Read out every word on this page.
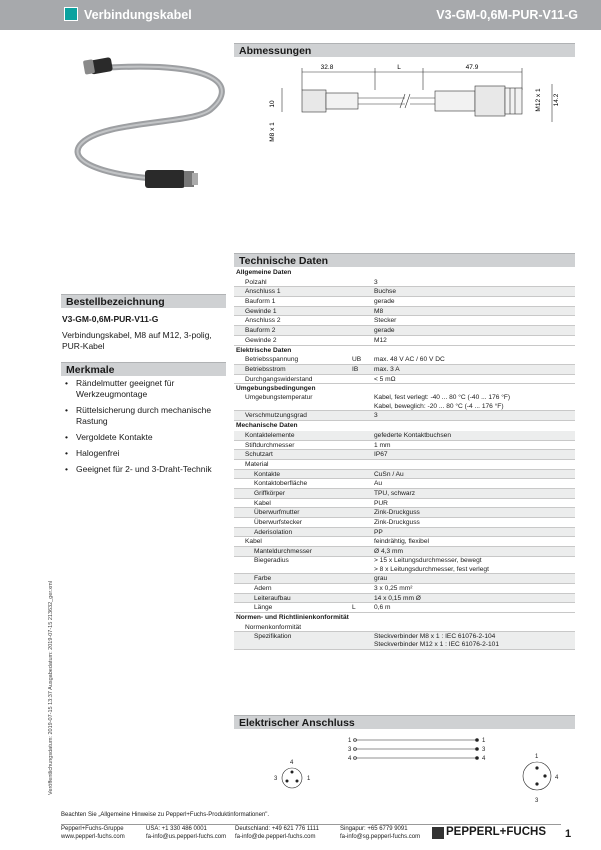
Verbindungskabel	V3-GM-0,6M-PUR-V11-G
Abmessungen
32.8	L	47.9
10
M8 x 1
M12 x 1 14.2
Bestellbezeichnung
V3-GM-0,6M-PUR-V11-G
Verbindungskabel, M8 auf M12, 3-polig, PUR-Kabel
Merkmale
• Rändelmutter geeignet für Werkzeugmontage
• Rüttelsicherung durch mechanische Rastung
• Vergoldete Kontakte
• Halogenfrei
• Geeignet für 2- und 3-Draht-Technik
Technische Daten
Allgemeine Daten
Polzahl	3
Anschluss 1	Buchse
Bauform 1	gerade
Gewinde 1	M8
Anschluss 2	Stecker
Bauform 2	gerade
Gewinde 2	M12
Elektrische Daten
Betriebsspannung	UB max. 48 V AC / 60 V DC
Betriebsstrom	IB max. 3 A
Durchgangswiderstand	< 5 mΩ
Umgebungsbedingungen
Umgebungstemperatur	Kabel, fest verlegt: -40 ... 80 °C (-40 ... 176 °F)
Kabel, beweglich: -20 ... 80 °C (-4 ... 176 °F)
Verschmutzungsgrad	3
Mechanische Daten
Kontaktelemente	gefederte Kontaktbuchsen
Stiftdurchmesser	1 mm
Schutzart	IP67
Material
Kontakte	CuSn / Au
Kontaktoberfläche	Au
Griffkörper	TPU, schwarz
Kabel	PUR
Überwurfmutter	Zink-Druckguss
Überwurfstecker	Zink-Druckguss
Aderisolation	PP
Kabel	feindrähtig, flexibel
Manteldurchmesser	Ø 4,3 mm
Biegeradius	> 15 x Leitungsdurchmesser, bewegt
> 8 x Leitungsdurchmesser, fest verlegt
Farbe	grau
Adern	3 x 0,25 mm²
Leiteraufbau	14 x 0,15 mm Ø
Länge	L	0,6 m
Normen- und Richtlinienkonformität
Normenkonformität
Spezifikation	Steckverbinder M8 x 1 : IEC 61076-2-104
Steckverbinder M12 x 1 : IEC 61076-2-101
Elektrischer Anschluss
1
3
4
1
3
4
4
3	1
1
4
3
Veröffentlichungsdatum: 2019-07-15 13:37 Ausgabedatum: 2019-07-15 213632_ger.xml
Beachten Sie „Allgemeine Hinweise zu Pepperl+Fuchs-Produktinformationen".
Pepperl+Fuchs-Gruppe
www.pepperl-fuchs.com
USA: +1 330 486 0001
fa-info@us.pepperl-fuchs.com
Deutschland: +49 621 776 1111
fa-info@de.pepperl-fuchs.com
Singapur: +65 6779 9091
fa-info@sg.pepperl-fuchs.com PEPPERL+FUCHS 1
